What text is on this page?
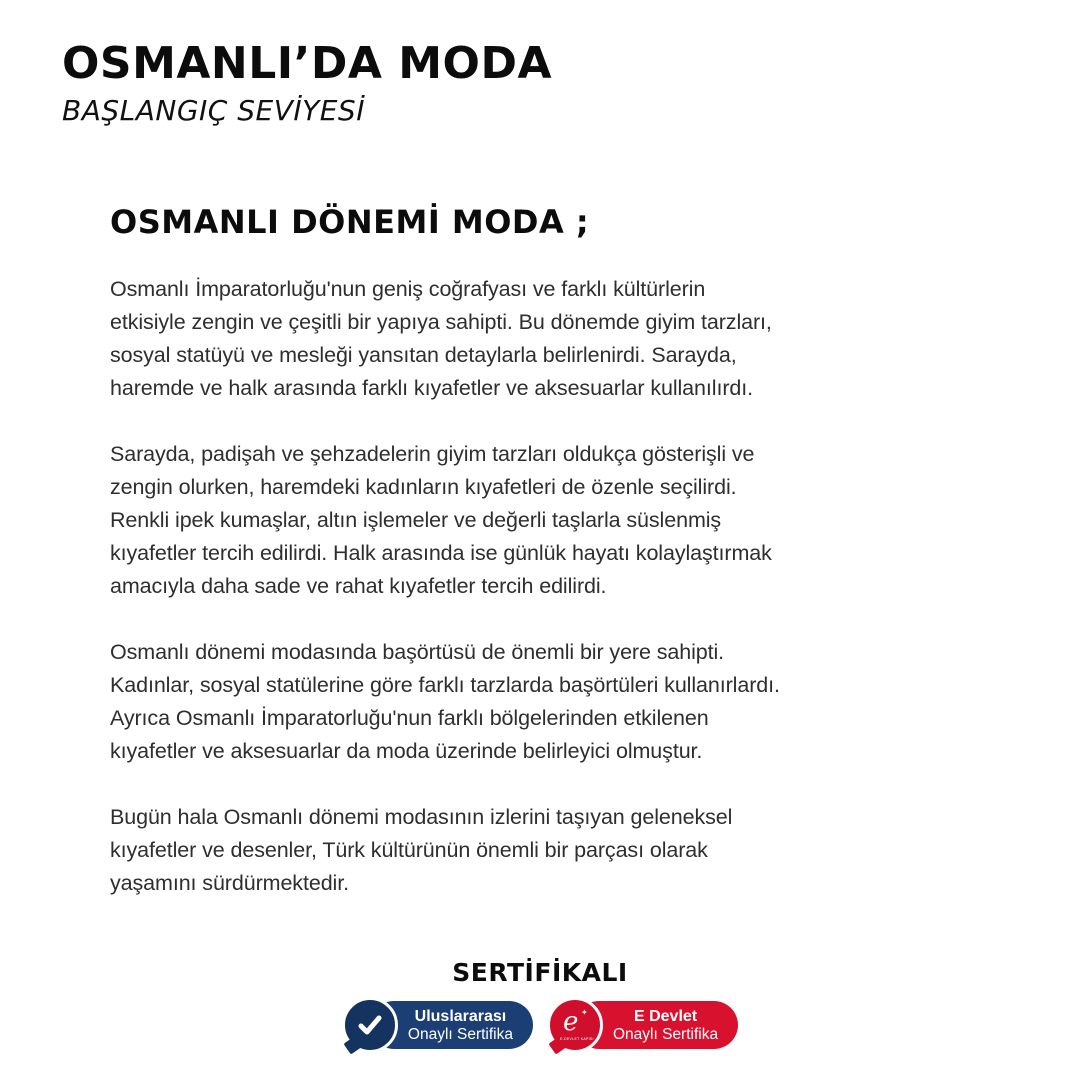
OSMANLI’DA MODA
BAŞLANGIÇ SEVİYESİ
OSMANLI DÖNEMİ MODA ;

Osmanlı İmparatorluğu'nun geniş coğrafyası ve farklı kültürlerin
etkisiyle zengin ve çeşitli bir yapıya sahipti. Bu dönemde giyim tarzları,
sosyal statüyü ve mesleği yansıtan detaylarla belirlenirdi. Sarayda,
haremde ve halk arasında farklı kıyafetler ve aksesuarlar kullanılırdı.

Sarayda, padişah ve şehzadelerin giyim tarzları oldukça gösterişli ve
zengin olurken, haremdeki kadınların kıyafetleri de özenle seçilirdi.
Renkli ipek kumaşlar, altın işlemeler ve değerli taşlarla süslenmiş
kıyafetler tercih edilirdi. Halk arasında ise günlük hayatı kolaylaştırmak
amacıyla daha sade ve rahat kıyafetler tercih edilirdi.

Osmanlı dönemi modasında başörtüsü de önemli bir yere sahipti.
Kadınlar, sosyal statülerine göre farklı tarzlarda başörtüleri kullanırlardı.
Ayrıca Osmanlı İmparatorluğu'nun farklı bölgelerinden etkilenen
kıyafetler ve aksesuarlar da moda üzerinde belirleyici olmuştur.

Bugün hala Osmanlı dönemi modasının izlerini taşıyan geleneksel
kıyafetler ve desenler, Türk kültürünün önemli bir parçası olarak
yaşamını sürdürmektedir.

SERTİFİKALI
Uluslararası
Onaylı Sertifika e ✦
E-DEVLET KAPISI
E Devlet
Onaylı Sertifika
